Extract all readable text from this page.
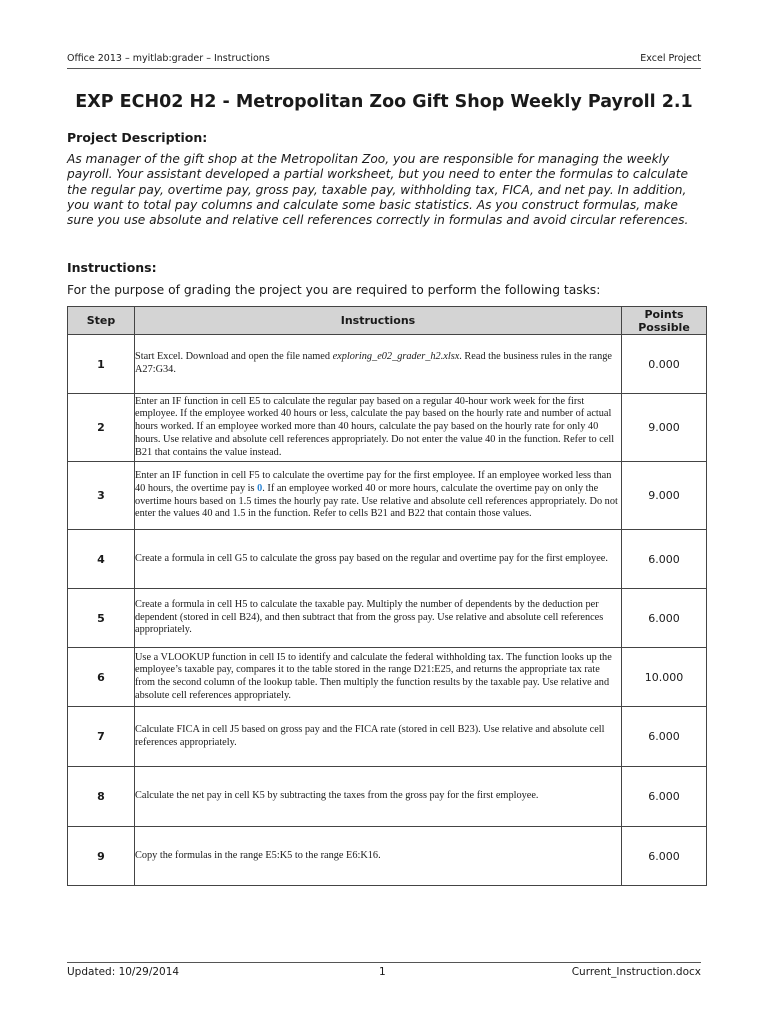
Office 2013 – myitlab:grader – Instructions	Excel Project
EXP ECH02 H2 - Metropolitan Zoo Gift Shop Weekly Payroll 2.1
Project Description:
As manager of the gift shop at the Metropolitan Zoo, you are responsible for managing the weekly payroll. Your assistant developed a partial worksheet, but you need to enter the formulas to calculate the regular pay, overtime pay, gross pay, taxable pay, withholding tax, FICA, and net pay. In addition, you want to total pay columns and calculate some basic statistics. As you construct formulas, make sure you use absolute and relative cell references correctly in formulas and avoid circular references.
Instructions:
For the purpose of grading the project you are required to perform the following tasks:
Step	Instructions	Points Possible
1	Start Excel. Download and open the file named exploring_e02_grader_h2.xlsx. Read the business rules in the range A27:G34.	0.000
2	Enter an IF function in cell E5 to calculate the regular pay based on a regular 40-hour work week for the first employee. If the employee worked 40 hours or less, calculate the pay based on the hourly rate and number of actual hours worked. If an employee worked more than 40 hours, calculate the pay based on the hourly rate for only 40 hours. Use relative and absolute cell references appropriately. Do not enter the value 40 in the function. Refer to cell B21 that contains the value instead.	9.000
3	Enter an IF function in cell F5 to calculate the overtime pay for the first employee. If an employee worked less than 40 hours, the overtime pay is 0. If an employee worked 40 or more hours, calculate the overtime pay on only the overtime hours based on 1.5 times the hourly pay rate. Use relative and absolute cell references appropriately. Do not enter the values 40 and 1.5 in the function. Refer to cells B21 and B22 that contain those values.	9.000
4	Create a formula in cell G5 to calculate the gross pay based on the regular and overtime pay for the first employee.	6.000
5	Create a formula in cell H5 to calculate the taxable pay. Multiply the number of dependents by the deduction per dependent (stored in cell B24), and then subtract that from the gross pay. Use relative and absolute cell references appropriately.	6.000
6	Use a VLOOKUP function in cell I5 to identify and calculate the federal withholding tax. The function looks up the employee’s taxable pay, compares it to the table stored in the range D21:E25, and returns the appropriate tax rate from the second column of the lookup table. Then multiply the function results by the taxable pay. Use relative and absolute cell references appropriately.	10.000
7	Calculate FICA in cell J5 based on gross pay and the FICA rate (stored in cell B23). Use relative and absolute cell references appropriately.	6.000
8	Calculate the net pay in cell K5 by subtracting the taxes from the gross pay for the first employee.	6.000
9	Copy the formulas in the range E5:K5 to the range E6:K16.	6.000
Updated: 10/29/2014	1	Current_Instruction.docx
